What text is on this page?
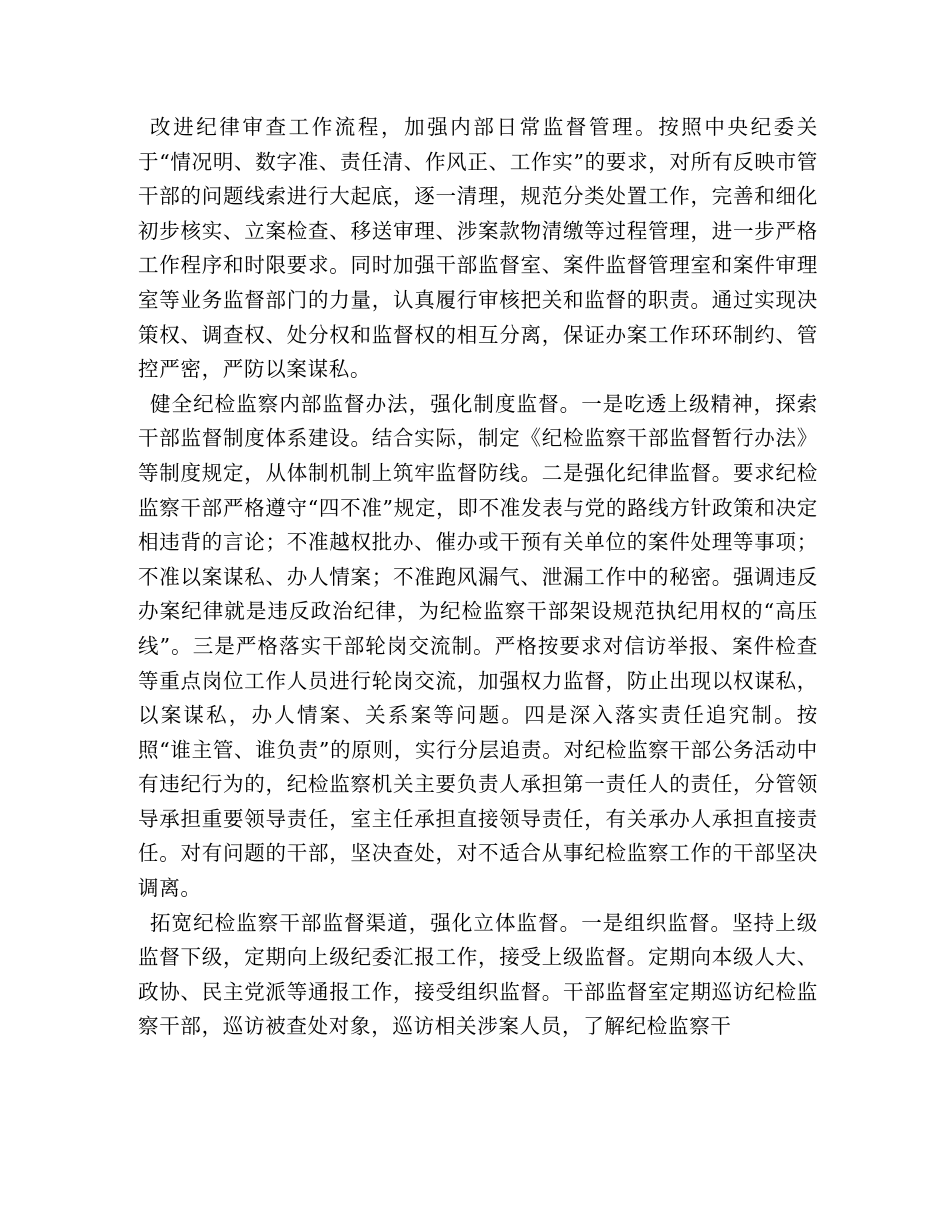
改进纪律审查工作流程，加强内部日常监督管理。按照中央纪委关于“情况明、数字准、责任清、作风正、工作实”的要求，对所有反映市管干部的问题线索进行大起底，逐一清理，规范分类处置工作，完善和细化初步核实、立案检查、移送审理、涉案款物清缴等过程管理，进一步严格工作程序和时限要求。同时加强干部监督室、案件监督管理室和案件审理室等业务监督部门的力量，认真履行审核把关和监督的职责。通过实现决策权、调查权、处分权和监督权的相互分离，保证办案工作环环制约、管控严密，严防以案谋私。

健全纪检监察内部监督办法，强化制度监督。一是吃透上级精神，探索干部监督制度体系建设。结合实际，制定《纪检监察干部监督暂行办法》等制度规定，从体制机制上筑牢监督防线。二是强化纪律监督。要求纪检监察干部严格遵守“四不准”规定，即不准发表与党的路线方针政策和决定相违背的言论；不准越权批办、催办或干预有关单位的案件处理等事项；不准以案谋私、办人情案；不准跑风漏气、泄漏工作中的秘密。强调违反办案纪律就是违反政治纪律，为纪检监察干部架设规范执纪用权的“高压线”。三是严格落实干部轮岗交流制。严格按要求对信访举报、案件检查等重点岗位工作人员进行轮岗交流，加强权力监督，防止出现以权谋私，以案谋私，办人情案、关系案等问题。四是深入落实责任追究制。按照“谁主管、谁负责”的原则，实行分层追责。对纪检监察干部公务活动中有违纪行为的，纪检监察机关主要负责人承担第一责任人的责任，分管领导承担重要领导责任，室主任承担直接领导责任，有关承办人承担直接责任。对有问题的干部，坚决查处，对不适合从事纪检监察工作的干部坚决调离。

拓宽纪检监察干部监督渠道，强化立体监督。一是组织监督。坚持上级监督下级，定期向上级纪委汇报工作，接受上级监督。定期向本级人大、政协、民主党派等通报工作，接受组织监督。干部监督室定期巡访纪检监察干部，巡访被查处对象，巡访相关涉案人员，了解纪检监察干
